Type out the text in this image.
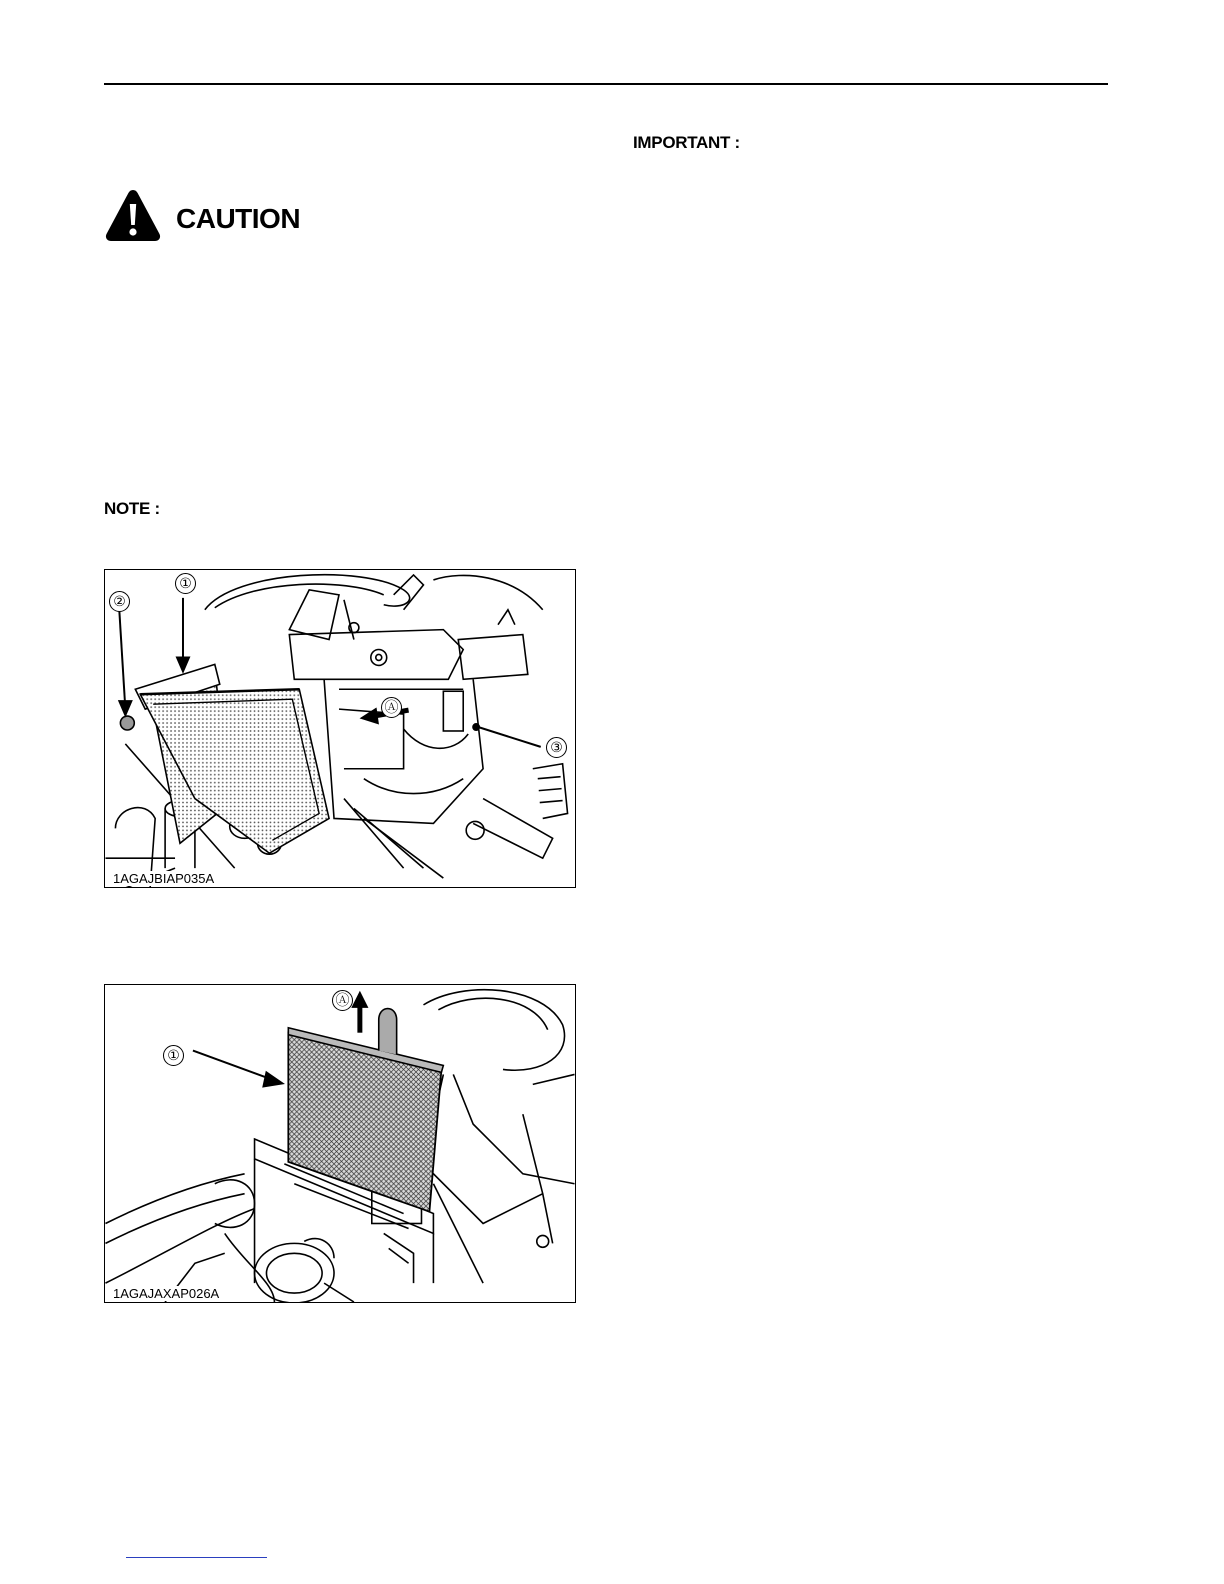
IMPORTANT :
CAUTION
NOTE :
①
②
③
Ⓐ
1AGAJBIAP035A
Ⓐ
①
1AGAJAXAP026A
